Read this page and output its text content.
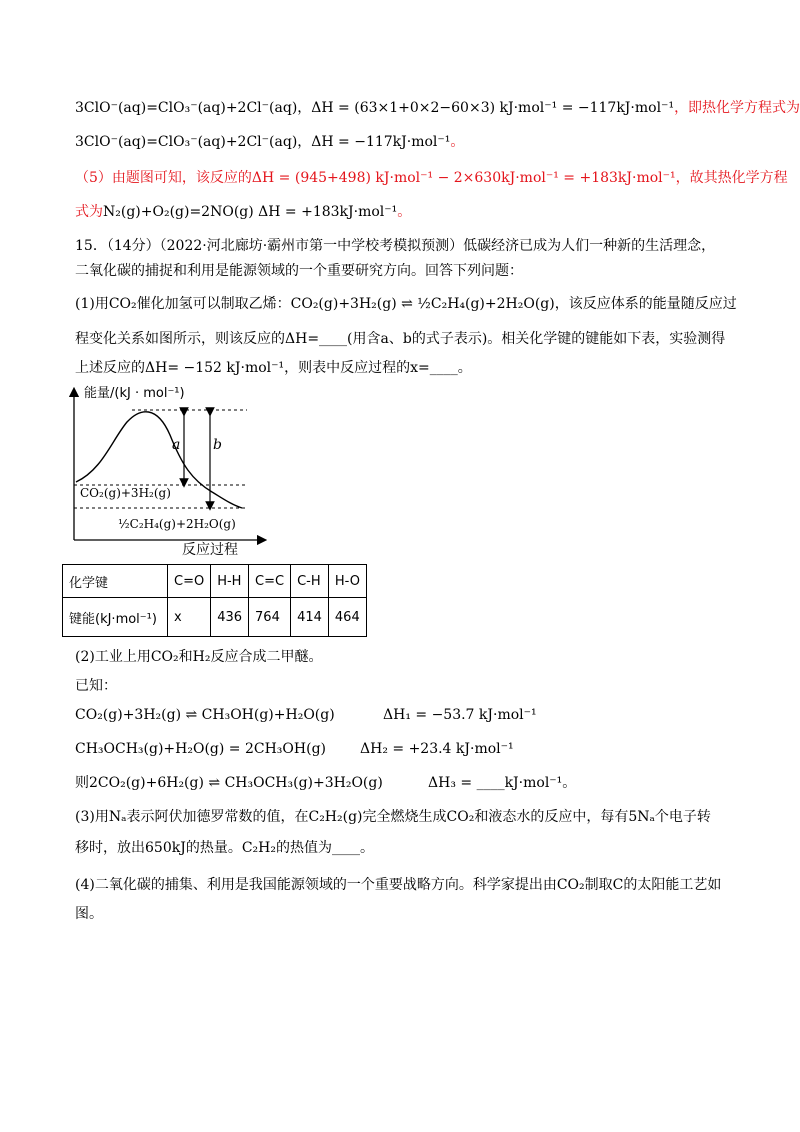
3ClO⁻(aq)=ClO₃⁻(aq)+2Cl⁻(aq)，ΔH = (63×1+0×2−60×3) kJ·mol⁻¹ = −117kJ·mol⁻¹，即热化学方程式为
3ClO⁻(aq)=ClO₃⁻(aq)+2Cl⁻(aq)，ΔH = −117kJ·mol⁻¹。
（5）由题图可知，该反应的ΔH = (945+498) kJ·mol⁻¹ − 2×630kJ·mol⁻¹ = +183kJ·mol⁻¹，故其热化学方程
式为N₂(g)+O₂(g)=2NO(g) ΔH = +183kJ·mol⁻¹。
15．（14分）（2022·河北廊坊·霸州市第一中学校考模拟预测）低碳经济已成为人们一种新的生活理念，
二氧化碳的捕捉和利用是能源领域的一个重要研究方向。回答下列问题：
(1)用CO₂催化加氢可以制取乙烯：CO₂(g)+3H₂(g) ⇌ ½C₂H₄(g)+2H₂O(g)，该反应体系的能量随反应过
程变化关系如图所示，则该反应的ΔH=____(用含a、b的式子表示)。相关化学键的键能如下表，实验测得
上述反应的ΔH= −152 kJ·mol⁻¹，则表中反应过程的x=____。
能量/(kJ · mol⁻¹)
a b
CO₂(g)+3H₂(g)
½C₂H₄(g)+2H₂O(g)
反应过程
化学键	C=O	H-H	C=C	C-H	H-O
键能(kJ·mol⁻¹)	x	436	764	414	464
(2)工业上用CO₂和H₂反应合成二甲醚。
已知：
CO₂(g)+3H₂(g) ⇌ CH₃OH(g)+H₂O(g)	ΔH₁ = −53.7 kJ·mol⁻¹
CH₃OCH₃(g)+H₂O(g) = 2CH₃OH(g) ΔH₂ = +23.4 kJ·mol⁻¹
则2CO₂(g)+6H₂(g) ⇌ CH₃OCH₃(g)+3H₂O(g)	ΔH₃ = ____kJ·mol⁻¹。
(3)用Nₐ表示阿伏加德罗常数的值，在C₂H₂(g)完全燃烧生成CO₂和液态水的反应中，每有5Nₐ个电子转
移时，放出650kJ的热量。C₂H₂的热值为____。
(4)二氧化碳的捕集、利用是我国能源领域的一个重要战略方向。科学家提出由CO₂制取C的太阳能工艺如
图。
